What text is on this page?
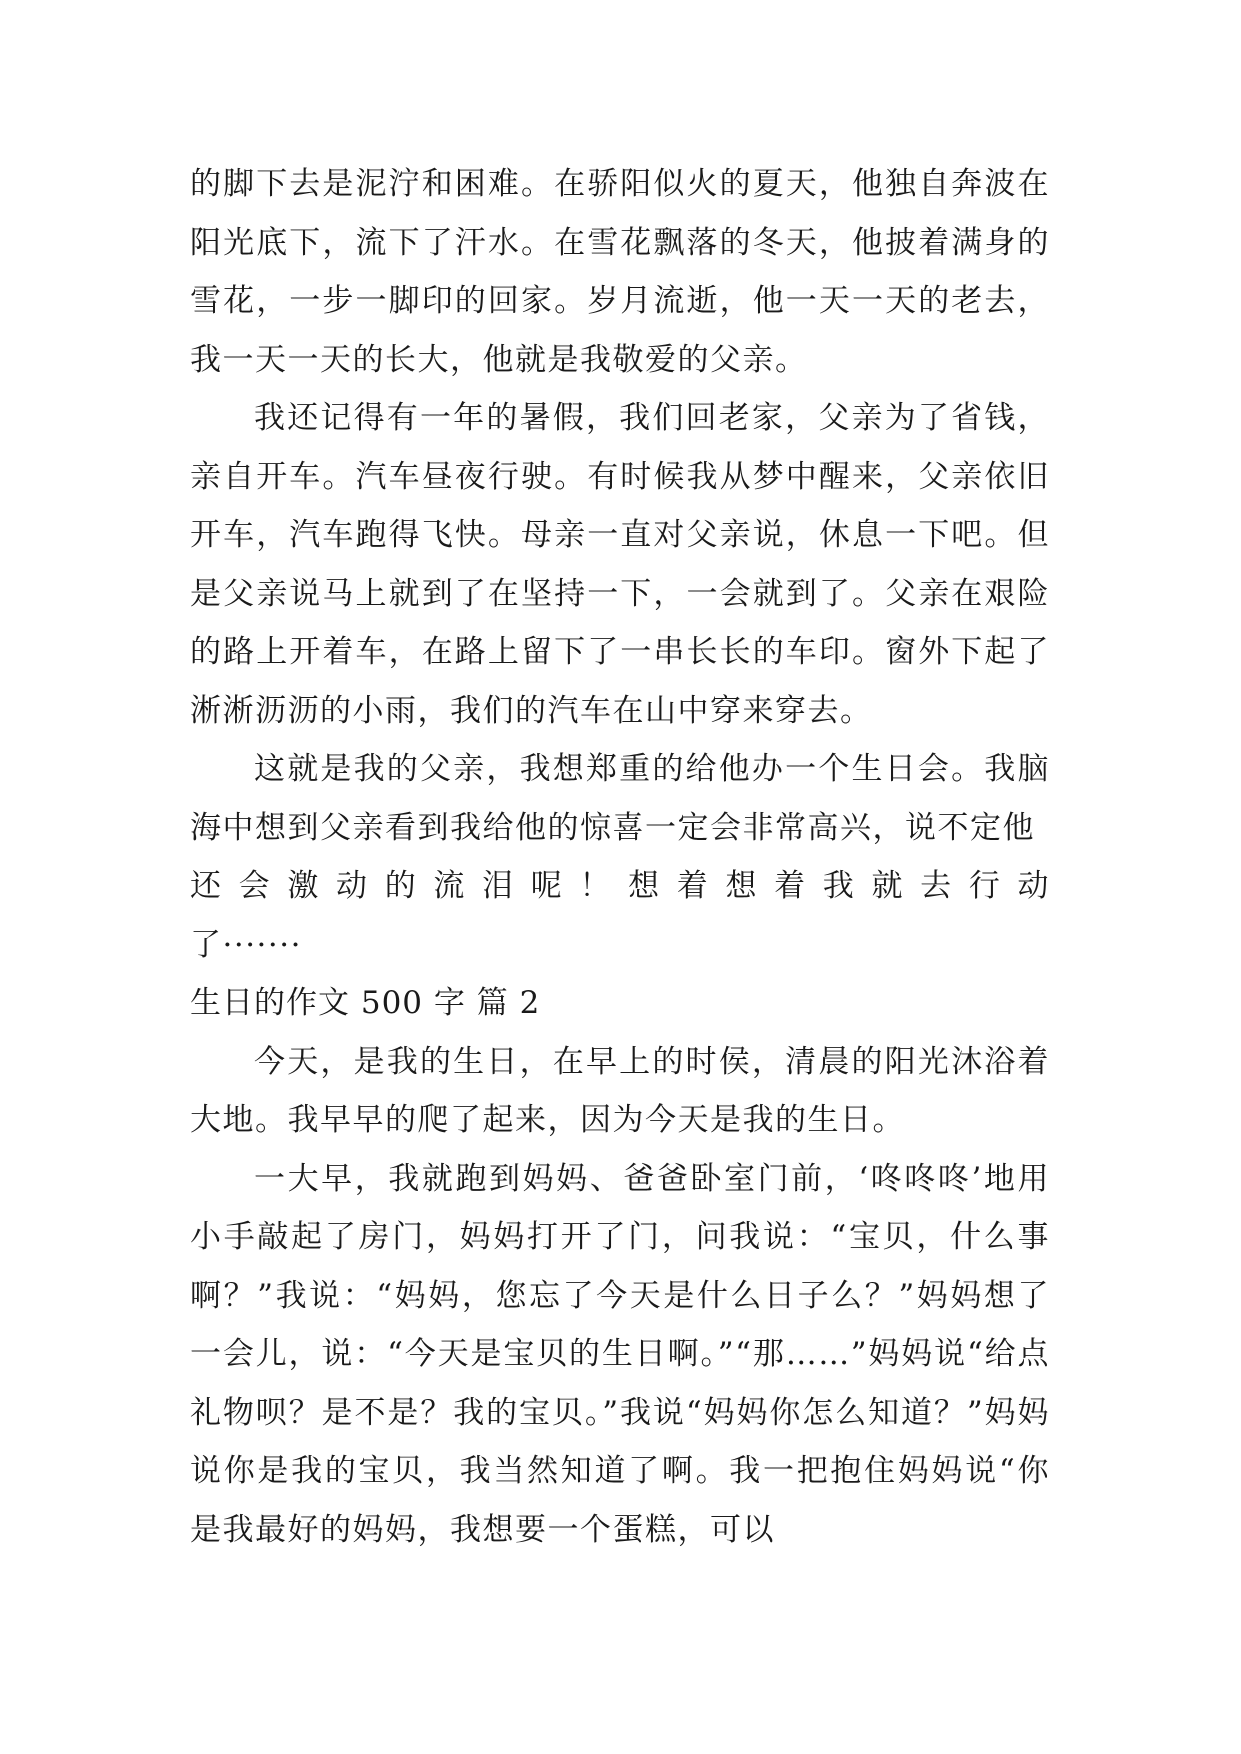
的脚下去是泥泞和困难。在骄阳似火的夏天，他独自奔波在阳光底下，流下了汗水。在雪花飘落的冬天，他披着满身的雪花，一步一脚印的回家。岁月流逝，他一天一天的老去，我一天一天的长大，他就是我敬爱的父亲。

我还记得有一年的暑假，我们回老家，父亲为了省钱，亲自开车。汽车昼夜行驶。有时候我从梦中醒来，父亲依旧开车，汽车跑得飞快。母亲一直对父亲说，休息一下吧。但是父亲说马上就到了在坚持一下，一会就到了。父亲在艰险的路上开着车，在路上留下了一串长长的车印。窗外下起了淅淅沥沥的小雨，我们的汽车在山中穿来穿去。

这就是我的父亲，我想郑重的给他办一个生日会。我脑海中想到父亲看到我给他的惊喜一定会非常高兴，说不定他

还会激动的流泪呢！想着想着我就去行动

了·······

生日的作文 500 字 篇 2

今天，是我的生日，在早上的时侯，清晨的阳光沐浴着大地。我早早的爬了起来，因为今天是我的生日。

一大早，我就跑到妈妈、爸爸卧室门前，‘咚咚咚’地用小手敲起了房门，妈妈打开了门，问我说：“宝贝，什么事啊？”我说：“妈妈，您忘了今天是什么日子么？”妈妈想了一会儿，说：“今天是宝贝的生日啊。”“那……”妈妈说“给点礼物呗？是不是？我的宝贝。”我说“妈妈你怎么知道？”妈妈说你是我的宝贝，我当然知道了啊。我一把抱住妈妈说“你是我最好的妈妈，我想要一个蛋糕，可以
